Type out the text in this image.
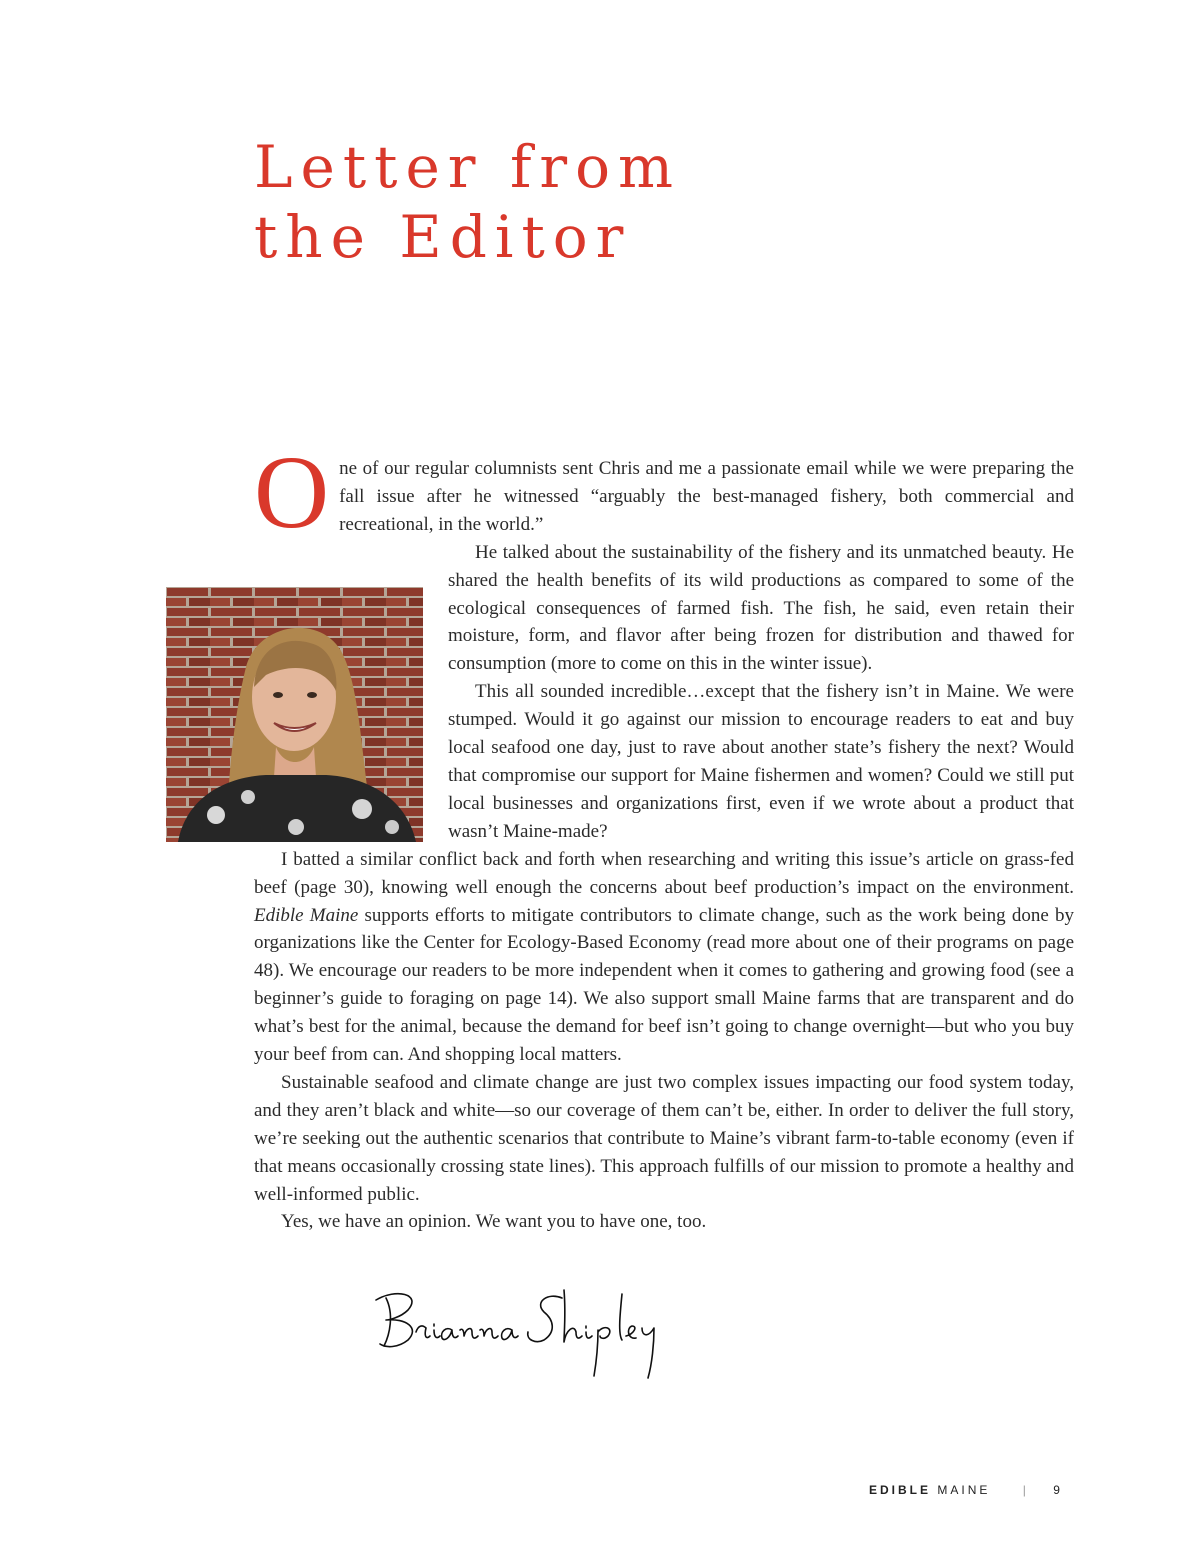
Letter from
the Editor

One of our regular columnists sent Chris and me a passionate email while we were preparing the fall issue after he witnessed “arguably the best-managed fishery, both commercial and recreational, in the world.”

He talked about the sustainability of the fishery and its unmatched beauty. He shared the health benefits of its wild productions as compared to some of the ecological consequences of farmed fish. The fish, he said, even retain their moisture, form, and flavor after being frozen for distribution and thawed for consumption (more to come on this in the winter issue).

This all sounded incredible…except that the fishery isn’t in Maine. We were stumped. Would it go against our mission to encourage readers to eat and buy local seafood one day, just to rave about another state’s fishery the next? Would that compromise our support for Maine fishermen and women? Could we still put local businesses and organizations first, even if we wrote about a product that wasn’t Maine-made?

I batted a similar conflict back and forth when researching and writing this issue’s article on grass-fed beef (page 30), knowing well enough the concerns about beef production’s impact on the environment. Edible Maine supports efforts to mitigate contributors to climate change, such as the work being done by organizations like the Center for Ecology-Based Economy (read more about one of their programs on page 48). We encourage our readers to be more independent when it comes to gathering and growing food (see a beginner’s guide to foraging on page 14). We also support small Maine farms that are transparent and do what’s best for the animal, because the demand for beef isn’t going to change overnight—but who you buy your beef from can. And shopping local matters.

Sustainable seafood and climate change are just two complex issues impacting our food system today, and they aren’t black and white—so our coverage of them can’t be, either. In order to deliver the full story, we’re seeking out the authentic scenarios that contribute to Maine’s vibrant farm-to-table economy (even if that means occasionally crossing state lines). This approach fulfills of our mission to promote a healthy and well-informed public.

Yes, we have an opinion. We want you to have one, too.

EDIBLE MAINE	| 9
